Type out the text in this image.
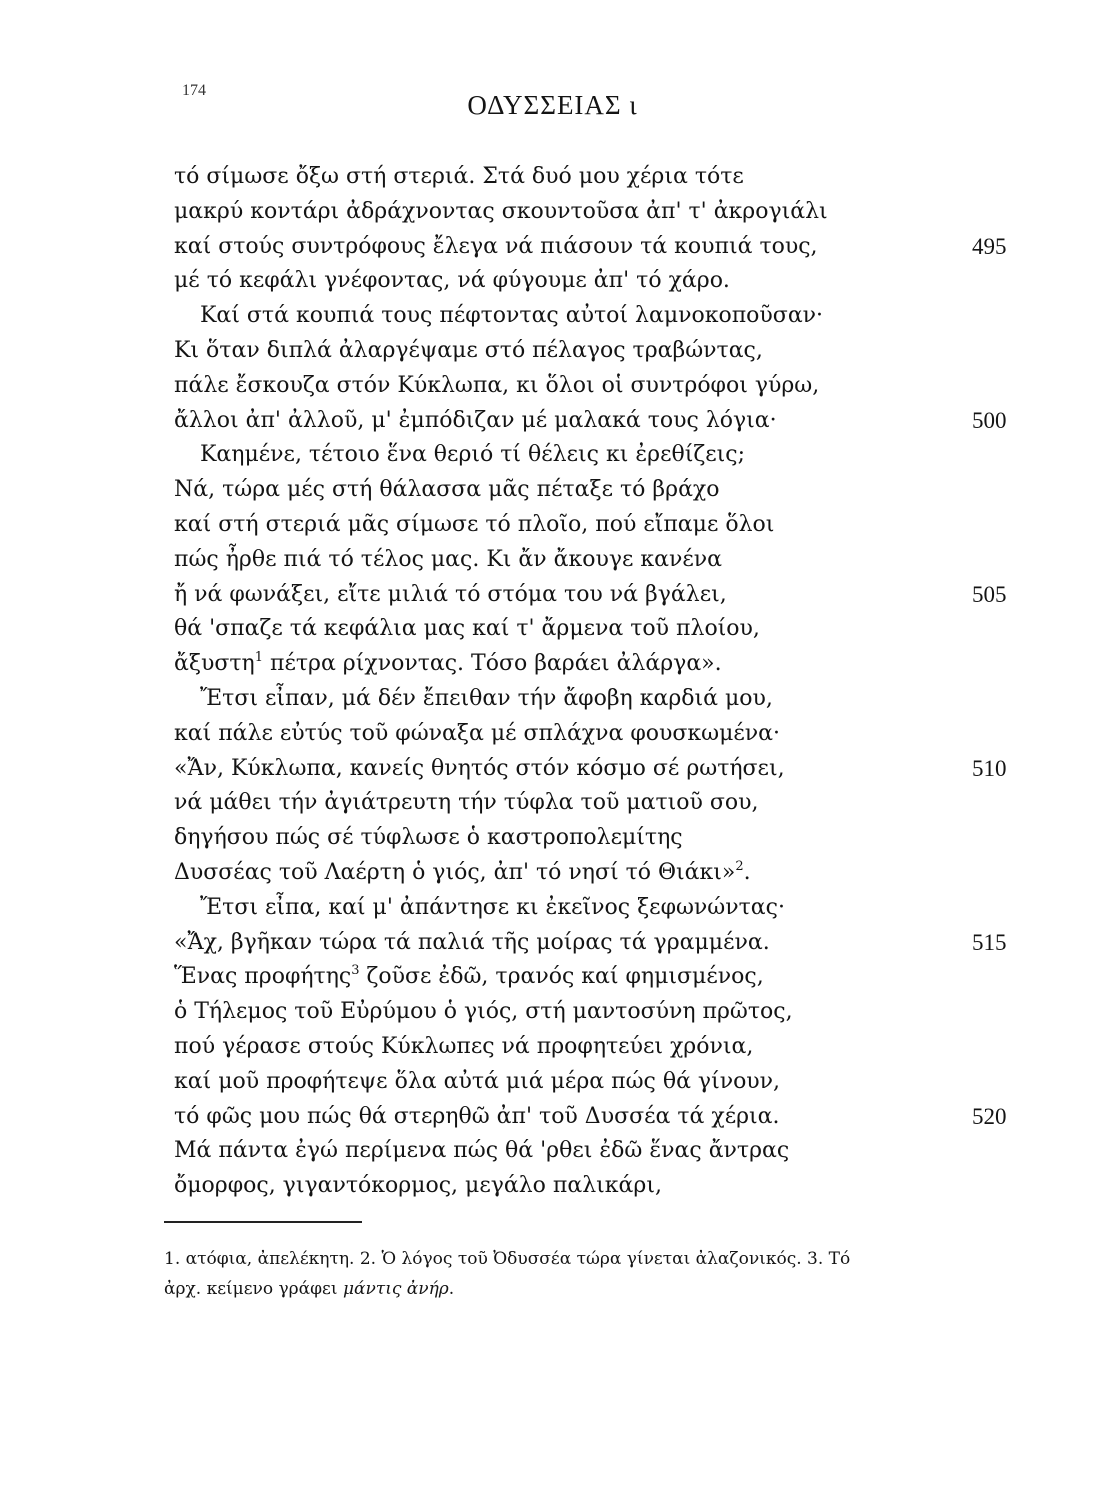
174	ΟΔΥΣΣΕΙΑΣ ι
τό σίμωσε ὄξω στή στεριά. Στά δυό μου χέρια τότε
μακρύ κοντάρι ἀδράχνοντας σκουντοῦσα ἀπ' τ' ἀκρογιάλι
καί στούς συντρόφους ἔλεγα νά πιάσουν τά κουπιά τους,	495
μέ τό κεφάλι γνέφοντας, νά φύγουμε ἀπ' τό χάρο.
Καί στά κουπιά τους πέφτοντας αὐτοί λαμνοκοποῦσαν·
Κι ὅταν διπλά ἀλαργέψαμε στό πέλαγος τραβώντας,
πάλε ἔσκουζα στόν Κύκλωπα, κι ὅλοι οἱ συντρόφοι γύρω,
ἄλλοι ἀπ' ἀλλοῦ, μ' ἐμπόδιζαν μέ μαλακά τους λόγια·	500
Καημένε, τέτοιο ἕνα θεριό τί θέλεις κι ἐρεθίζεις;
Νά, τώρα μές στή θάλασσα μᾶς πέταξε τό βράχο
καί στή στεριά μᾶς σίμωσε τό πλοῖο, πού εἴπαμε ὅλοι
πώς ἦρθε πιά τό τέλος μας. Κι ἄν ἄκουγε κανένα
ἤ νά φωνάξει, εἴτε μιλιά τό στόμα του νά βγάλει,	505
θά 'σπαζε τά κεφάλια μας καί τ' ἄρμενα τοῦ πλοίου,
ἄξυστη$^1$ πέτρα ρίχνοντας. Τόσο βαράει ἀλάργα».
Ἔτσι εἶπαν, μά δέν ἔπειθαν τήν ἄφοβη καρδιά μου,
καί πάλε εὐτύς τοῦ φώναξα μέ σπλάχνα φουσκωμένα·
«Ἄν, Κύκλωπα, κανείς θνητός στόν κόσμο σέ ρωτήσει,	510
νά μάθει τήν ἀγιάτρευτη τήν τύφλα τοῦ ματιοῦ σου,
δηγήσου πώς σέ τύφλωσε ὁ καστροπολεμίτης
Δυσσέας τοῦ Λαέρτη ὁ γιός, ἀπ' τό νησί τό Θιάκι»$^2$.
Ἔτσι εἶπα, καί μ' ἀπάντησε κι ἐκεῖνος ξεφωνώντας·
«Ἄχ, βγῆκαν τώρα τά παλιά τῆς μοίρας τά γραμμένα.	515
Ἕνας προφήτης$^3$ ζοῦσε ἐδῶ, τρανός καί φημισμένος,
ὁ Τήλεμος τοῦ Εὐρύμου ὁ γιός, στή μαντοσύνη πρῶτος,
πού γέρασε στούς Κύκλωπες νά προφητεύει χρόνια,
καί μοῦ προφήτεψε ὅλα αὐτά μιά μέρα πώς θά γίνουν,
τό φῶς μου πώς θά στερηθῶ ἀπ' τοῦ Δυσσέα τά χέρια.	520
Μά πάντα ἐγώ περίμενα πώς θά 'ρθει ἐδῶ ἕνας ἄντρας
ὄμορφος, γιγαντόκορμος, μεγάλο παλικάρι,
1. ατόφια, ἀπελέκητη. 2. Ὁ λόγος τοῦ Ὀδυσσέα τώρα γίνεται ἀλαζονικός. 3. Τό
ἀρχ. κείμενο γράφει μάντις ἀνήρ.
